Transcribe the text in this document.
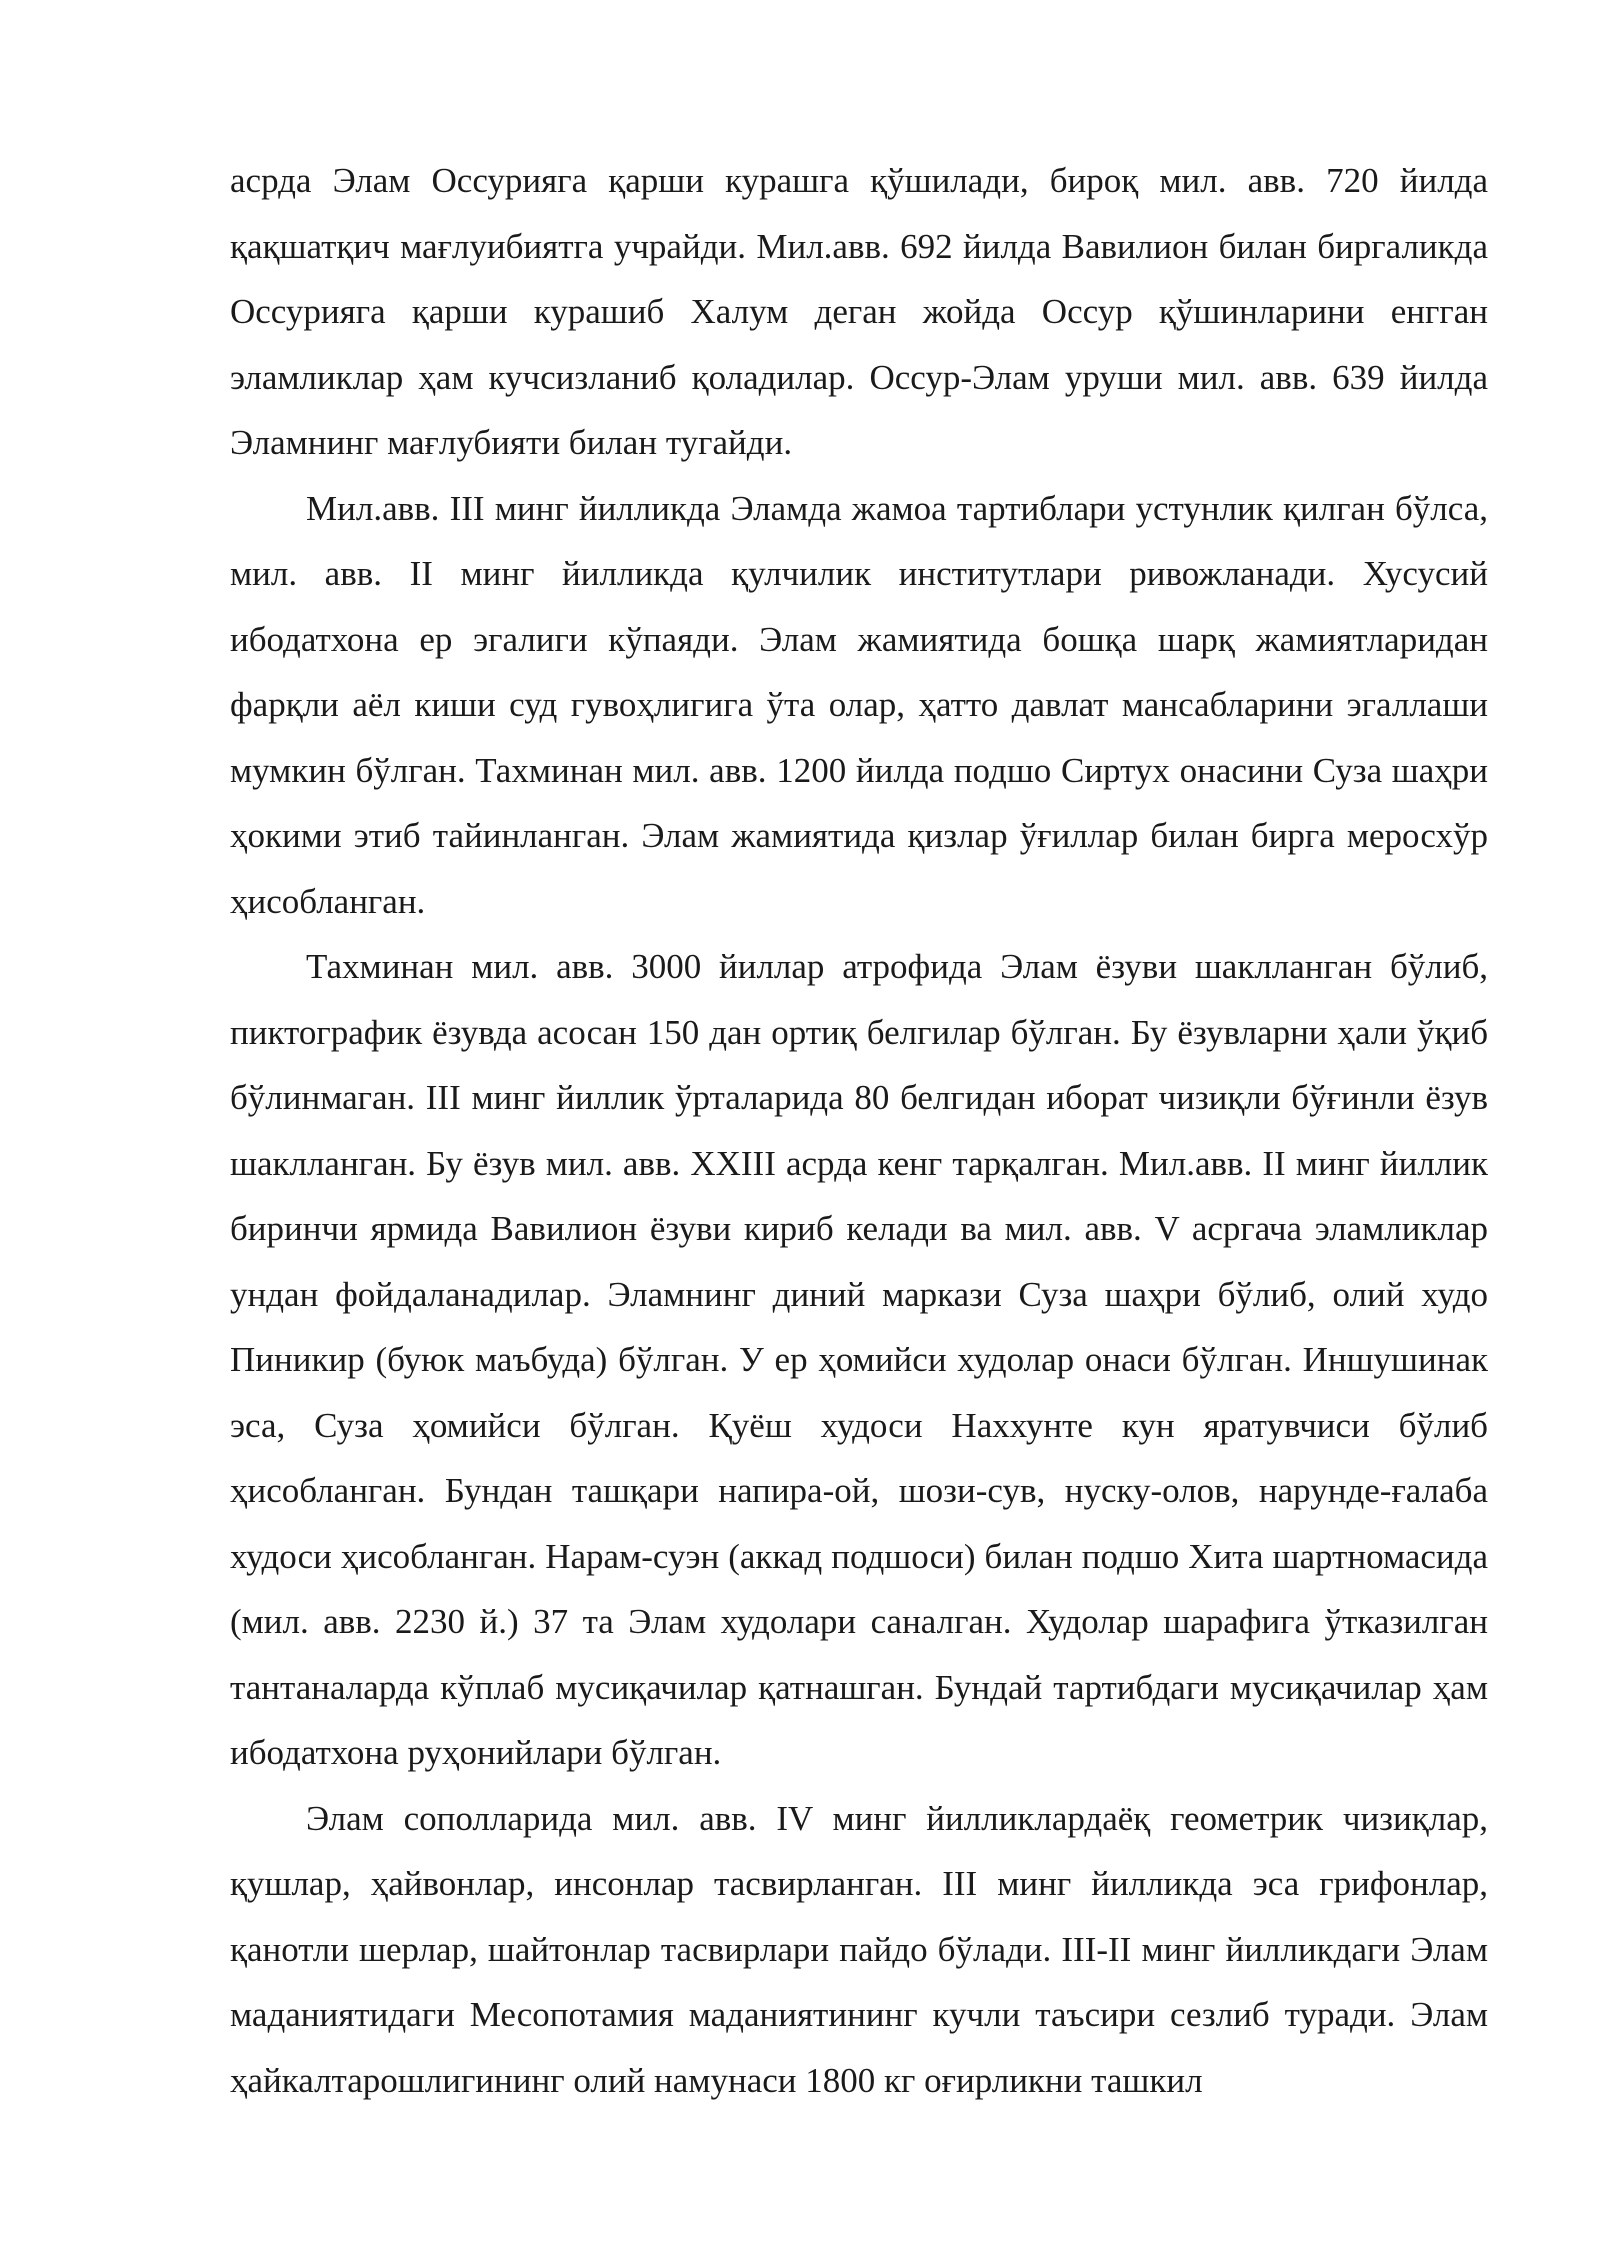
асрда Элам Оссурияга қарши курашга қўшилади, бироқ мил. авв. 720 йилда қақшатқич мағлуибиятга учрайди. Мил.авв. 692 йилда Вавилион билан биргаликда Оссурияга қарши курашиб Халум деган жойда Оссур қўшинларини енгган эламликлар ҳам кучсизланиб қоладилар. Оссур-Элам уруши мил. авв. 639 йилда Эламнинг мағлубияти билан тугайди.

Мил.авв. III минг йилликда Эламда жамоа тартиблари устунлик қилган бўлса, мил. авв. II минг йилликда қулчилик институтлари ривожланади. Хусусий ибодатхона ер эгалиги кўпаяди. Элам жамиятида бошқа шарқ жамиятларидан фарқли аёл киши суд гувоҳлигига ўта олар, ҳатто давлат мансабларини эгаллаши мумкин бўлган. Тахминан мил. авв. 1200 йилда подшо Сиртух онасини Суза шаҳри ҳокими этиб тайинланган. Элам жамиятида қизлар ўғиллар билан бирга меросхўр ҳисобланган.

Тахминан мил. авв. 3000 йиллар атрофида Элам ёзуви шаклланган бўлиб, пиктографик ёзувда асосан 150 дан ортиқ белгилар бўлган. Бу ёзувларни ҳали ўқиб бўлинмаган. III минг йиллик ўрталарида 80 белгидан иборат чизиқли бўғинли ёзув шаклланган. Бу ёзув мил. авв. XXIII асрда кенг тарқалган. Мил.авв. II минг йиллик биринчи ярмида Вавилион ёзуви кириб келади ва мил. авв. V асргача эламликлар ундан фойдаланадилар. Эламнинг диний маркази Суза шаҳри бўлиб, олий худо Пиникир (буюк маъбуда) бўлган. У ер ҳомийси худолар онаси бўлган. Иншушинак эса, Суза ҳомийси бўлган. Қуёш худоси Наххунте кун яратувчиси бўлиб ҳисобланган. Бундан ташқари напира-ой, шози-сув, нуску-олов, нарунде-ғалаба худоси ҳисобланган. Нарам-суэн (аккад подшоси) билан подшо Хита шартномасида (мил. авв. 2230 й.) 37 та Элам худолари саналган. Худолар шарафига ўтказилган тантаналарда кўплаб мусиқачилар қатнашган. Бундай тартибдаги мусиқачилар ҳам ибодатхона руҳонийлари бўлган.

Элам сополларида мил. авв. IV минг йилликлардаёқ геометрик чизиқлар, қушлар, ҳайвонлар, инсонлар тасвирланган. III минг йилликда эса грифонлар, қанотли шерлар, шайтонлар тасвирлари пайдо бўлади. III-II минг йилликдаги Элам маданиятидаги Месопотамия маданиятининг кучли таъсири сезлиб туради. Элам ҳайкалтарошлигининг олий намунаси 1800 кг оғирликни ташкил
